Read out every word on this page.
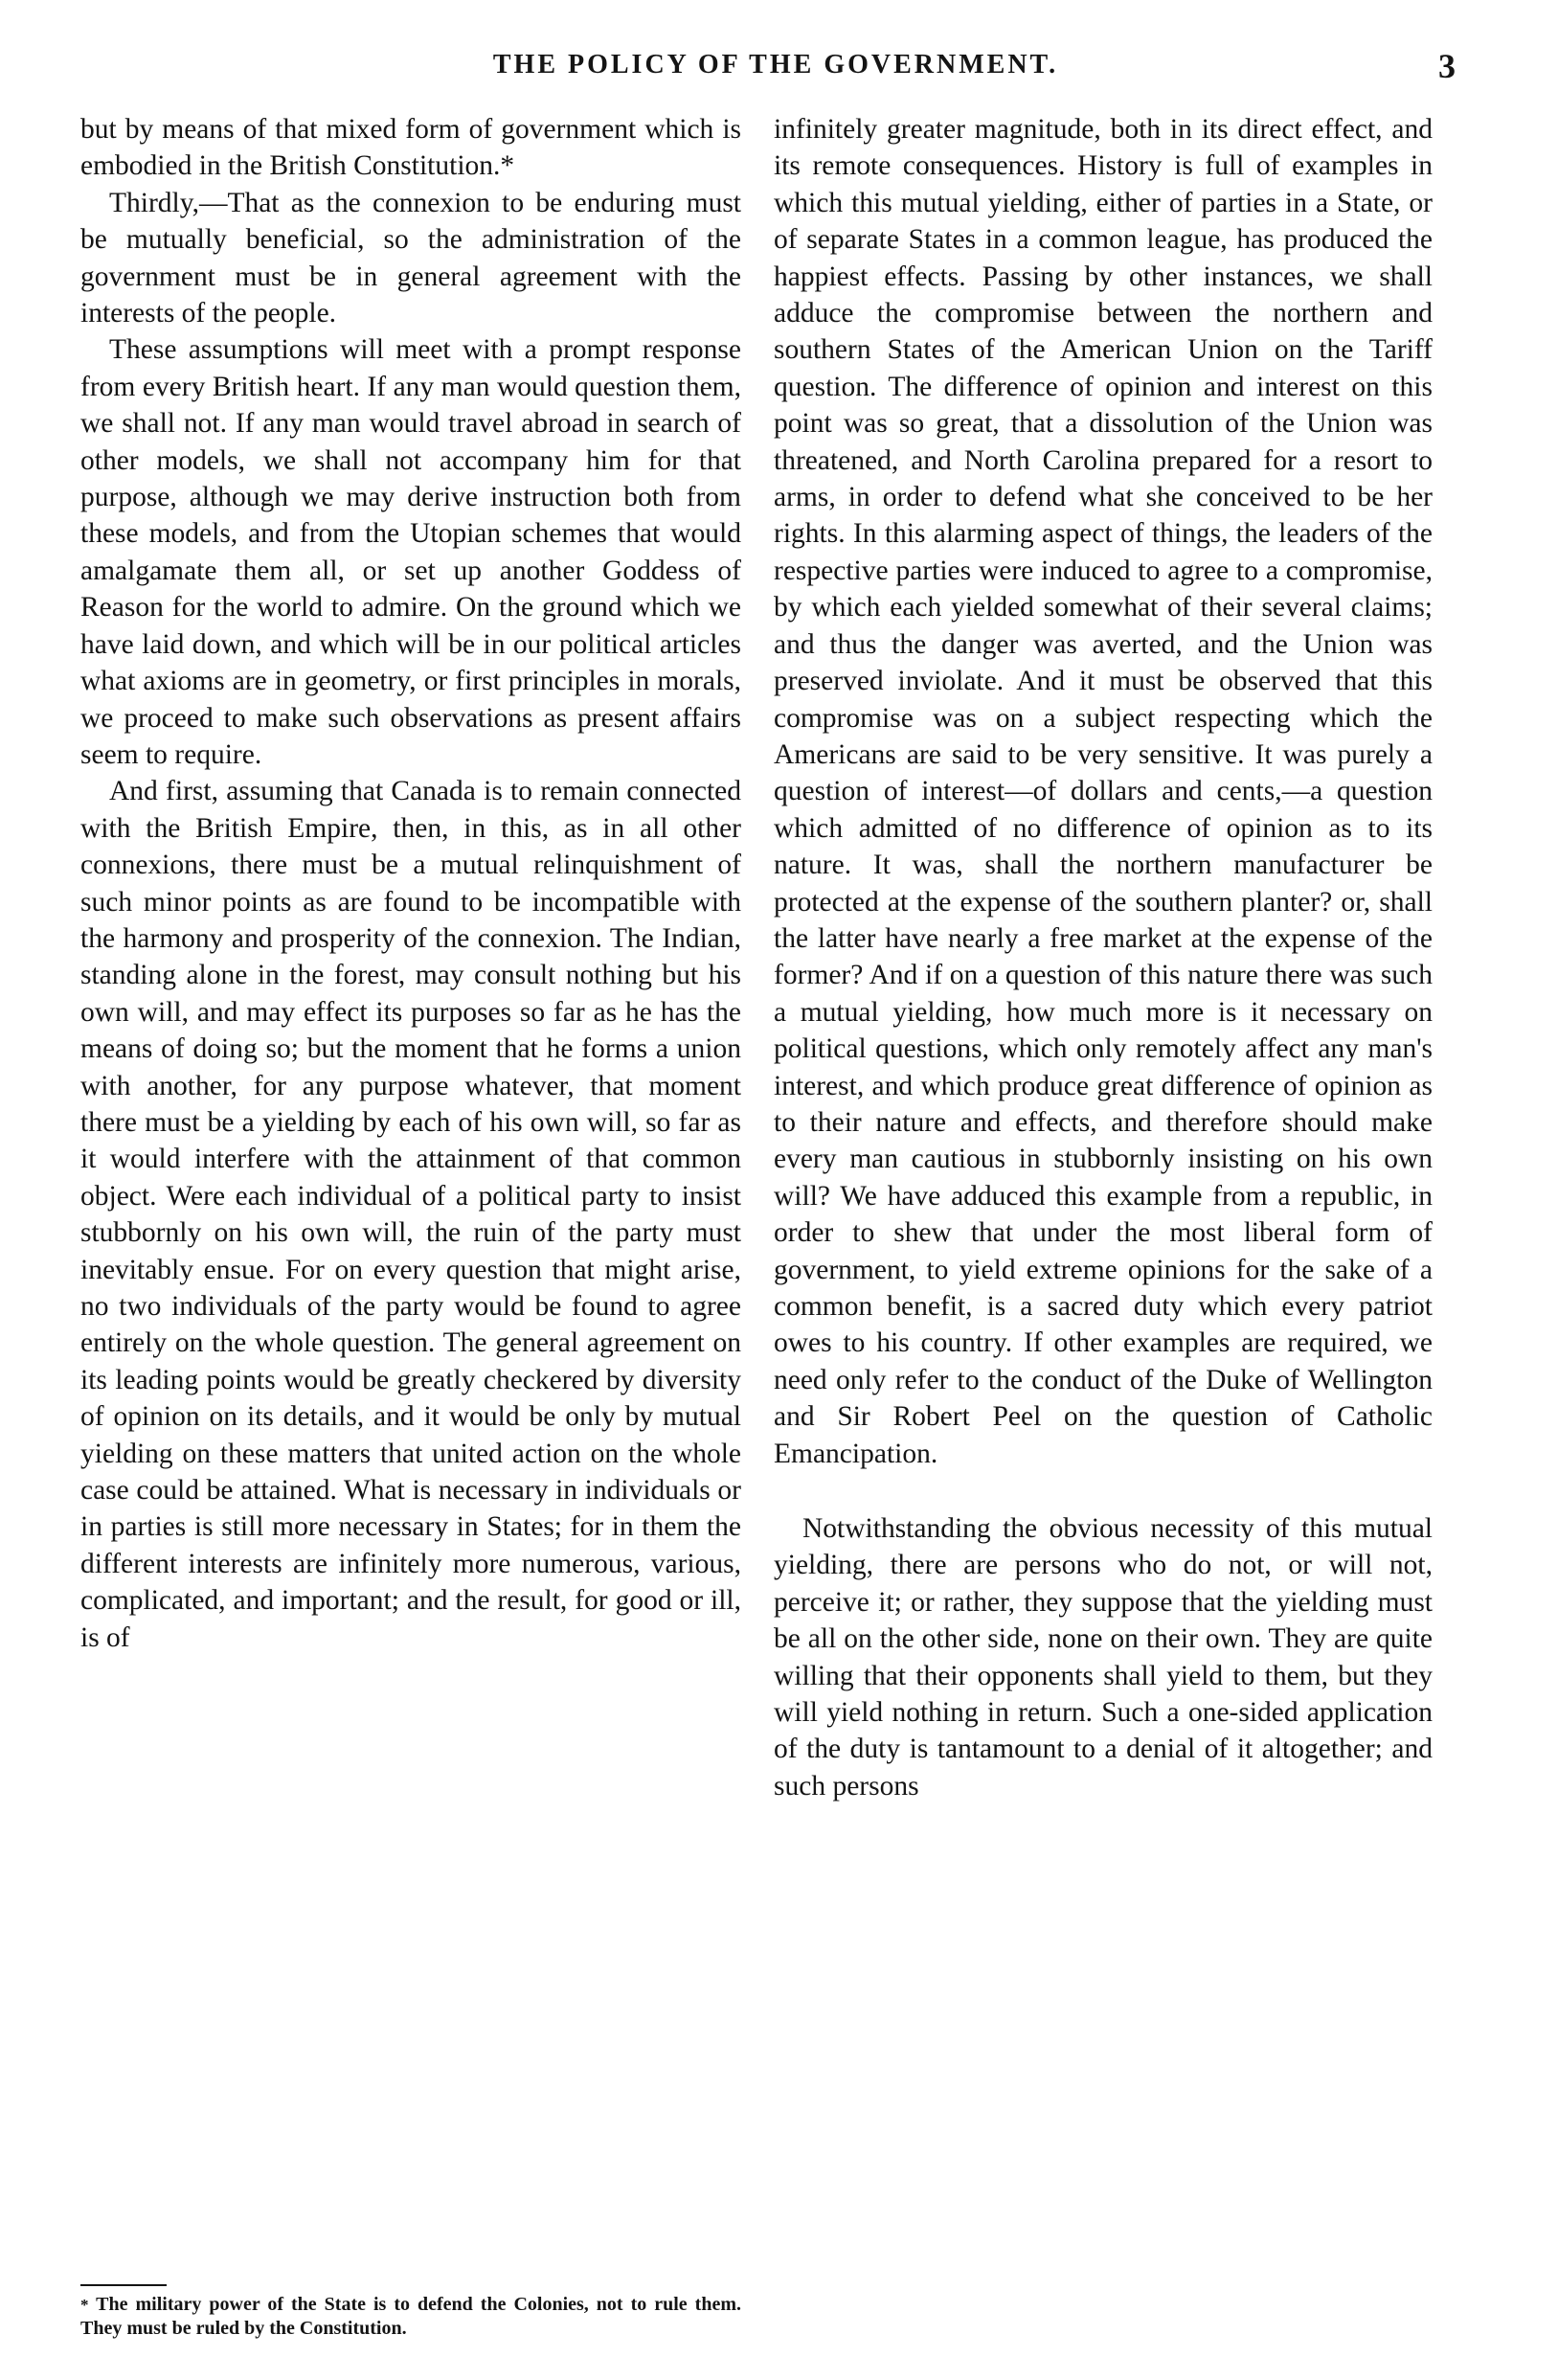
THE POLICY OF THE GOVERNMENT.	3

but by means of that mixed form of government which is embodied in the British Constitution.*

Thirdly,—That as the connexion to be enduring must be mutually beneficial, so the administration of the government must be in general agreement with the interests of the people.

These assumptions will meet with a prompt response from every British heart. If any man would question them, we shall not. If any man would travel abroad in search of other models, we shall not accompany him for that purpose, although we may derive instruction both from these models, and from the Utopian schemes that would amalgamate them all, or set up another Goddess of Reason for the world to admire. On the ground which we have laid down, and which will be in our political articles what axioms are in geometry, or first principles in morals, we proceed to make such observations as present affairs seem to require.

And first, assuming that Canada is to remain connected with the British Empire, then, in this, as in all other connexions, there must be a mutual relinquishment of such minor points as are found to be incompatible with the harmony and prosperity of the connexion. The Indian, standing alone in the forest, may consult nothing but his own will, and may effect its purposes so far as he has the means of doing so; but the moment that he forms a union with another, for any purpose whatever, that moment there must be a yielding by each of his own will, so far as it would interfere with the attainment of that common object. Were each individual of a political party to insist stubbornly on his own will, the ruin of the party must inevitably ensue. For on every question that might arise, no two individuals of the party would be found to agree entirely on the whole question. The general agreement on its leading points would be greatly checkered by diversity of opinion on its details, and it would be only by mutual yielding on these matters that united action on the whole case could be attained. What is necessary in individuals or in parties is still more necessary in States; for in them the different interests are infinitely more numerous, various, complicated, and important; and the result, for good or ill, is of

infinitely greater magnitude, both in its direct effect, and its remote consequences. History is full of examples in which this mutual yielding, either of parties in a State, or of separate States in a common league, has produced the happiest effects. Passing by other instances, we shall adduce the compromise between the northern and southern States of the American Union on the Tariff question. The difference of opinion and interest on this point was so great, that a dissolution of the Union was threatened, and North Carolina prepared for a resort to arms, in order to defend what she conceived to be her rights. In this alarming aspect of things, the leaders of the respective parties were induced to agree to a compromise, by which each yielded somewhat of their several claims; and thus the danger was averted, and the Union was preserved inviolate. And it must be observed that this compromise was on a subject respecting which the Americans are said to be very sensitive. It was purely a question of interest—of dollars and cents,—a question which admitted of no difference of opinion as to its nature. It was, shall the northern manufacturer be protected at the expense of the southern planter? or, shall the latter have nearly a free market at the expense of the former? And if on a question of this nature there was such a mutual yielding, how much more is it necessary on political questions, which only remotely affect any man's interest, and which produce great difference of opinion as to their nature and effects, and therefore should make every man cautious in stubbornly insisting on his own will? We have adduced this example from a republic, in order to shew that under the most liberal form of government, to yield extreme opinions for the sake of a common benefit, is a sacred duty which every patriot owes to his country. If other examples are required, we need only refer to the conduct of the Duke of Wellington and Sir Robert Peel on the question of Catholic Emancipation.

Notwithstanding the obvious necessity of this mutual yielding, there are persons who do not, or will not, perceive it; or rather, they suppose that the yielding must be all on the other side, none on their own. They are quite willing that their opponents shall yield to them, but they will yield nothing in return. Such a one-sided application of the duty is tantamount to a denial of it altogether; and such persons

* The military power of the State is to defend the Colonies, not to rule them. They must be ruled by the Constitution.
